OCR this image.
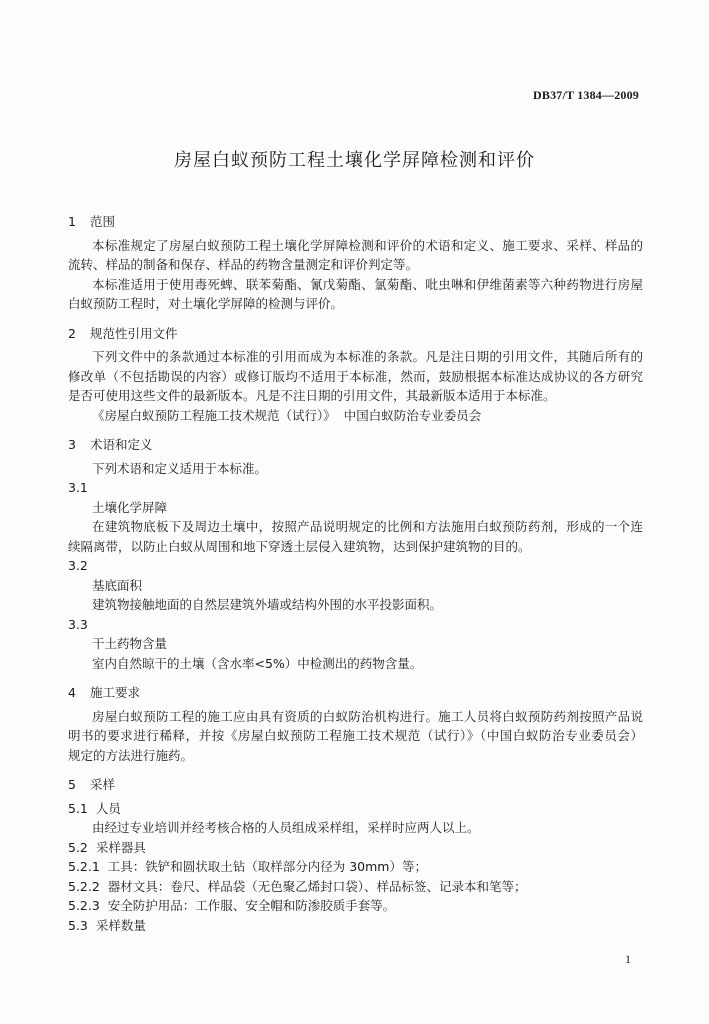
DB37/T 1384—2009
房屋白蚁预防工程土壤化学屏障检测和评价
1 范围
本标准规定了房屋白蚁预防工程土壤化学屏障检测和评价的术语和定义、施工要求、采样、样品的
流转、样品的制备和保存、样品的药物含量测定和评价判定等。
本标准适用于使用毒死蜱、联苯菊酯、氰戊菊酯、氯菊酯、吡虫啉和伊维菌素等六种药物进行房屋
白蚁预防工程时，对土壤化学屏障的检测与评价。
2 规范性引用文件
下列文件中的条款通过本标准的引用而成为本标准的条款。凡是注日期的引用文件，其随后所有的
修改单（不包括勘误的内容）或修订版均不适用于本标准，然而，鼓励根据本标准达成协议的各方研究
是否可使用这些文件的最新版本。凡是不注日期的引用文件，其最新版本适用于本标准。
《房屋白蚁预防工程施工技术规范（试行）》  中国白蚁防治专业委员会
3 术语和定义
下列术语和定义适用于本标准。
3.1
土壤化学屏障
在建筑物底板下及周边土壤中，按照产品说明规定的比例和方法施用白蚁预防药剂，形成的一个连
续隔离带，以防止白蚁从周围和地下穿透土层侵入建筑物，达到保护建筑物的目的。
3.2
基底面积
建筑物接触地面的自然层建筑外墙或结构外围的水平投影面积。
3.3
干土药物含量
室内自然晾干的土壤（含水率<5%）中检测出的药物含量。
4 施工要求
房屋白蚁预防工程的施工应由具有资质的白蚁防治机构进行。施工人员将白蚁预防药剂按照产品说
明书的要求进行稀释，并按《房屋白蚁预防工程施工技术规范（试行）》（中国白蚁防治专业委员会）
规定的方法进行施药。
5 采样
5.1  人员
由经过专业培训并经考核合格的人员组成采样组，采样时应两人以上。
5.2  采样器具
5.2.1  工具：铁铲和圆状取土钻（取样部分内径为 30mm）等；
5.2.2  器材文具：卷尺、样品袋（无色聚乙烯封口袋）、样品标签、记录本和笔等；
5.2.3  安全防护用品：工作服、安全帽和防渗胶质手套等。
5.3  采样数量
1
